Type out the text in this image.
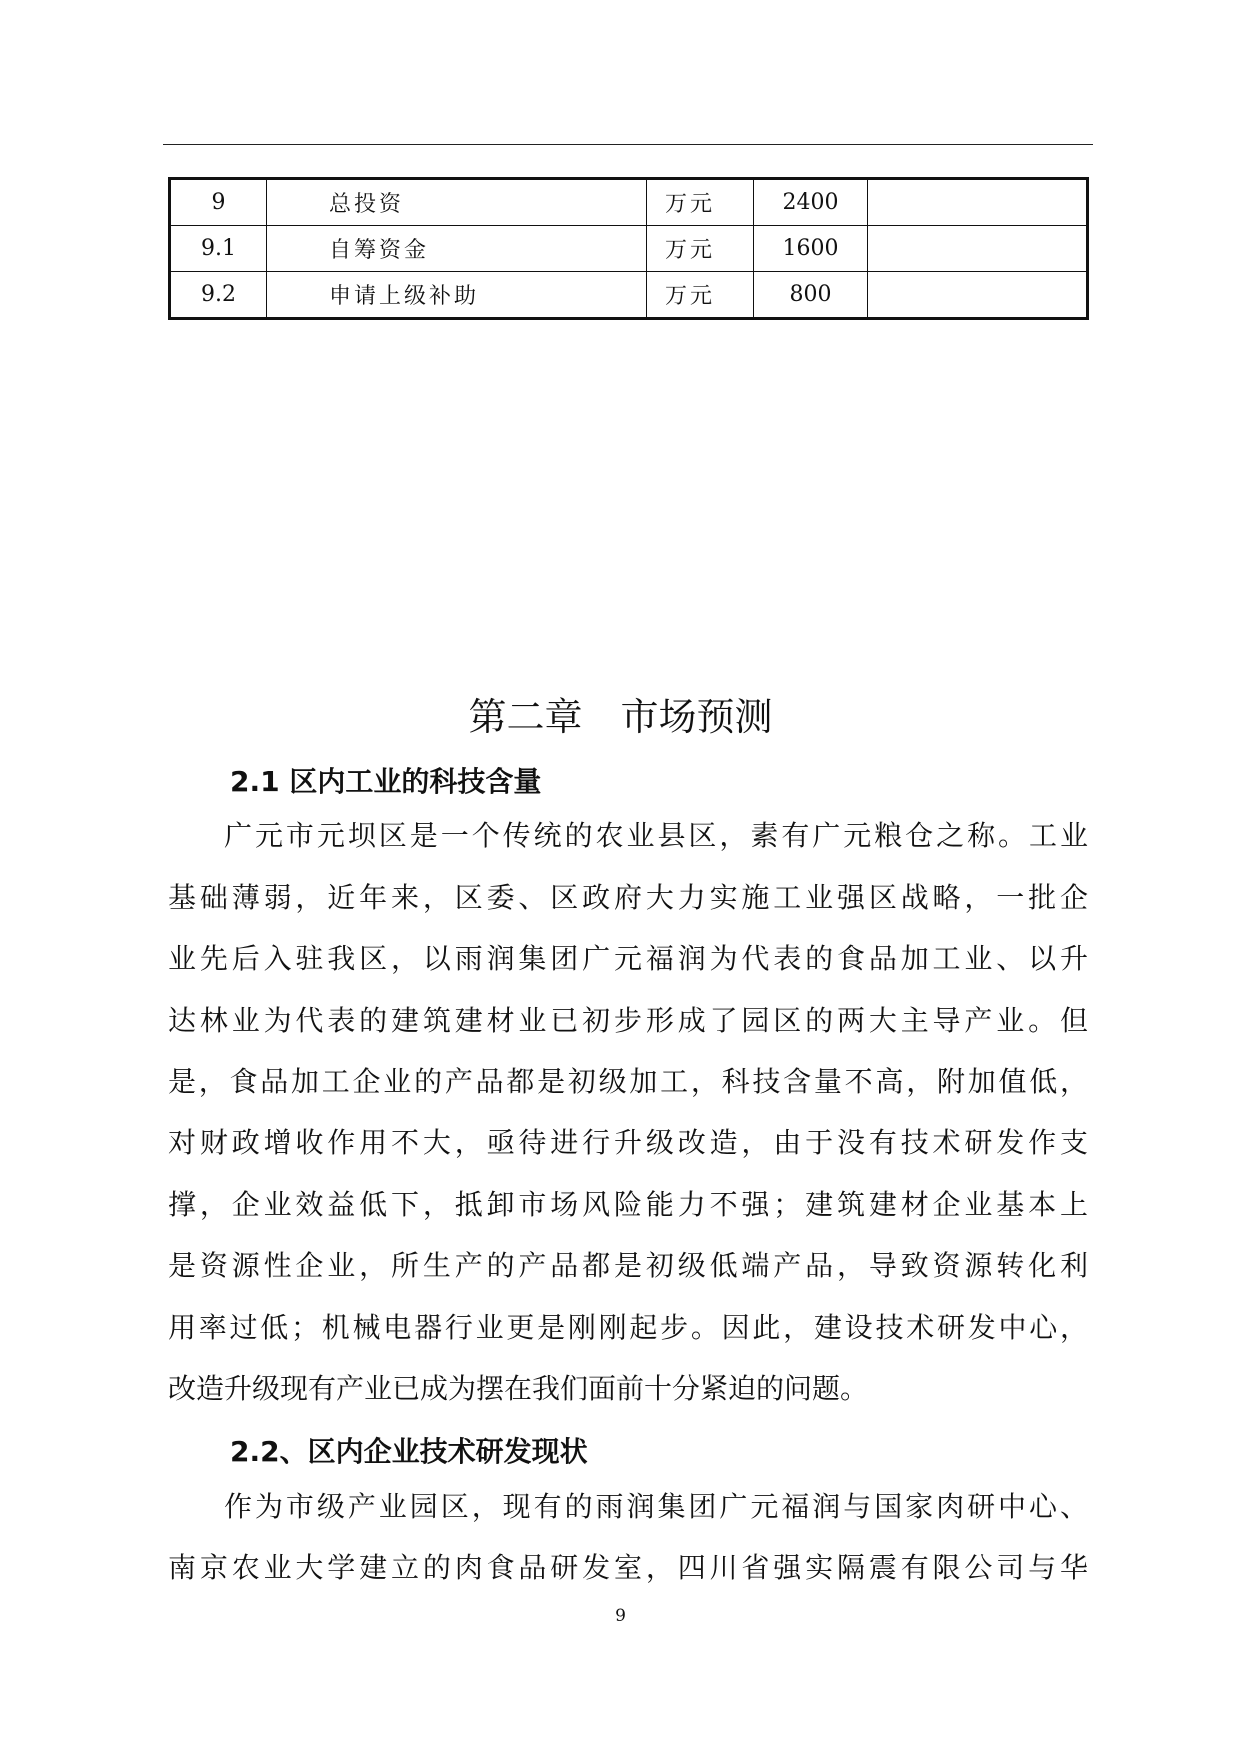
9	总投资	万元	2400	
9.1	自筹资金	万元	1600	
9.2	申请上级补助	万元	800	
第二章　市场预测
2.1 区内工业的科技含量

广元市元坝区是一个传统的农业县区，素有广元粮仓之称。工业

基础薄弱，近年来，区委、区政府大力实施工业强区战略，一批企

业先后入驻我区，以雨润集团广元福润为代表的食品加工业、以升

达林业为代表的建筑建材业已初步形成了园区的两大主导产业。但

是，食品加工企业的产品都是初级加工，科技含量不高，附加值低，

对财政增收作用不大，亟待进行升级改造，由于没有技术研发作支

撑，企业效益低下，抵卸市场风险能力不强；建筑建材企业基本上

是资源性企业，所生产的产品都是初级低端产品，导致资源转化利

用率过低；机械电器行业更是刚刚起步。因此，建设技术研发中心，

改造升级现有产业已成为摆在我们面前十分紧迫的问题。

2.2、区内企业技术研发现状

作为市级产业园区，现有的雨润集团广元福润与国家肉研中心、

南京农业大学建立的肉食品研发室，四川省强实隔震有限公司与华

9
